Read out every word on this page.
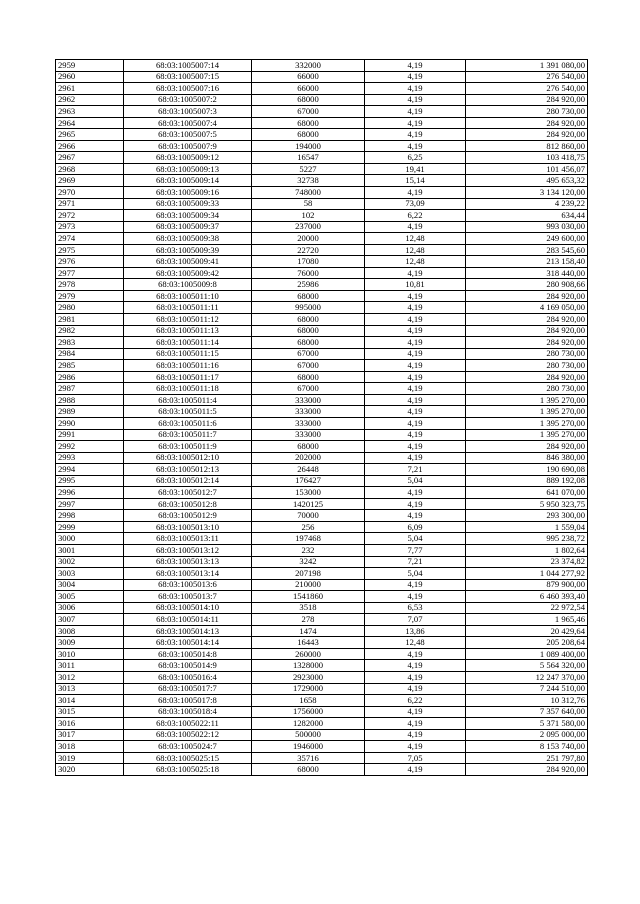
2959	68:03:1005007:14	332000	4,19	1 391 080,00
2960	68:03:1005007:15	66000	4,19	276 540,00
2961	68:03:1005007:16	66000	4,19	276 540,00
2962	68:03:1005007:2	68000	4,19	284 920,00
2963	68:03:1005007:3	67000	4,19	280 730,00
2964	68:03:1005007:4	68000	4,19	284 920,00
2965	68:03:1005007:5	68000	4,19	284 920,00
2966	68:03:1005007:9	194000	4,19	812 860,00
2967	68:03:1005009:12	16547	6,25	103 418,75
2968	68:03:1005009:13	5227	19,41	101 456,07
2969	68:03:1005009:14	32738	15,14	495 653,32
2970	68:03:1005009:16	748000	4,19	3 134 120,00
2971	68:03:1005009:33	58	73,09	4 239,22
2972	68:03:1005009:34	102	6,22	634,44
2973	68:03:1005009:37	237000	4,19	993 030,00
2974	68:03:1005009:38	20000	12,48	249 600,00
2975	68:03:1005009:39	22720	12,48	283 545,60
2976	68:03:1005009:41	17080	12,48	213 158,40
2977	68:03:1005009:42	76000	4,19	318 440,00
2978	68:03:1005009:8	25986	10,81	280 908,66
2979	68:03:1005011:10	68000	4,19	284 920,00
2980	68:03:1005011:11	995000	4,19	4 169 050,00
2981	68:03:1005011:12	68000	4,19	284 920,00
2982	68:03:1005011:13	68000	4,19	284 920,00
2983	68:03:1005011:14	68000	4,19	284 920,00
2984	68:03:1005011:15	67000	4,19	280 730,00
2985	68:03:1005011:16	67000	4,19	280 730,00
2986	68:03:1005011:17	68000	4,19	284 920,00
2987	68:03:1005011:18	67000	4,19	280 730,00
2988	68:03:1005011:4	333000	4,19	1 395 270,00
2989	68:03:1005011:5	333000	4,19	1 395 270,00
2990	68:03:1005011:6	333000	4,19	1 395 270,00
2991	68:03:1005011:7	333000	4,19	1 395 270,00
2992	68:03:1005011:9	68000	4,19	284 920,00
2993	68:03:1005012:10	202000	4,19	846 380,00
2994	68:03:1005012:13	26448	7,21	190 690,08
2995	68:03:1005012:14	176427	5,04	889 192,08
2996	68:03:1005012:7	153000	4,19	641 070,00
2997	68:03:1005012:8	1420125	4,19	5 950 323,75
2998	68:03:1005012:9	70000	4,19	293 300,00
2999	68:03:1005013:10	256	6,09	1 559,04
3000	68:03:1005013:11	197468	5,04	995 238,72
3001	68:03:1005013:12	232	7,77	1 802,64
3002	68:03:1005013:13	3242	7,21	23 374,82
3003	68:03:1005013:14	207198	5,04	1 044 277,92
3004	68:03:1005013:6	210000	4,19	879 900,00
3005	68:03:1005013:7	1541860	4,19	6 460 393,40
3006	68:03:1005014:10	3518	6,53	22 972,54
3007	68:03:1005014:11	278	7,07	1 965,46
3008	68:03:1005014:13	1474	13,86	20 429,64
3009	68:03:1005014:14	16443	12,48	205 208,64
3010	68:03:1005014:8	260000	4,19	1 089 400,00
3011	68:03:1005014:9	1328000	4,19	5 564 320,00
3012	68:03:1005016:4	2923000	4,19	12 247 370,00
3013	68:03:1005017:7	1729000	4,19	7 244 510,00
3014	68:03:1005017:8	1658	6,22	10 312,76
3015	68:03:1005018:4	1756000	4,19	7 357 640,00
3016	68:03:1005022:11	1282000	4,19	5 371 580,00
3017	68:03:1005022:12	500000	4,19	2 095 000,00
3018	68:03:1005024:7	1946000	4,19	8 153 740,00
3019	68:03:1005025:15	35716	7,05	251 797,80
3020	68:03:1005025:18	68000	4,19	284 920,00
